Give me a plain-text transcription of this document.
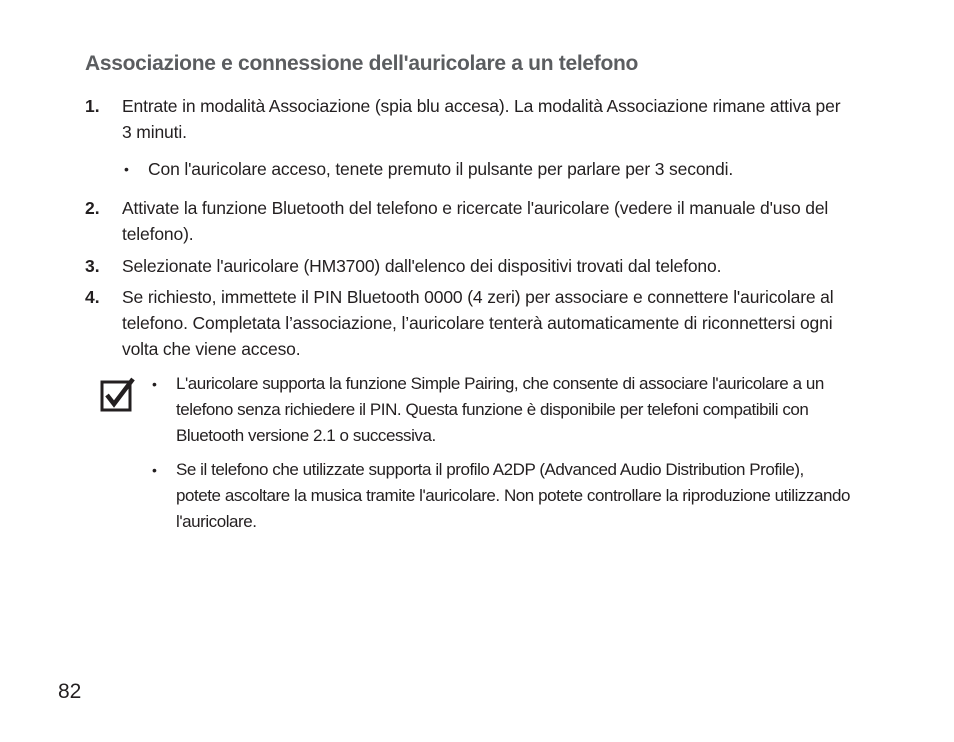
Associazione e connessione dell'auricolare a un telefono
1. Entrate in modalità Associazione (spia blu accesa). La modalità Associazione rimane attiva per 3 minuti.
• Con l'auricolare acceso, tenete premuto il pulsante per parlare per 3 secondi.
2. Attivate la funzione Bluetooth del telefono e ricercate l'auricolare (vedere il manuale d'uso del telefono).
3. Selezionate l'auricolare (HM3700) dall'elenco dei dispositivi trovati dal telefono.
4. Se richiesto, immettete il PIN Bluetooth 0000 (4 zeri) per associare e connettere l'auricolare al telefono. Completata l’associazione, l’auricolare tenterà automaticamente di riconnettersi ogni volta che viene acceso.
• L'auricolare supporta la funzione Simple Pairing, che consente di associare l'auricolare a un telefono senza richiedere il PIN. Questa funzione è disponibile per telefoni compatibili con Bluetooth versione 2.1 o successiva.
• Se il telefono che utilizzate supporta il profilo A2DP (Advanced Audio Distribution Profile), potete ascoltare la musica tramite l'auricolare. Non potete controllare la riproduzione utilizzando l'auricolare.
82
